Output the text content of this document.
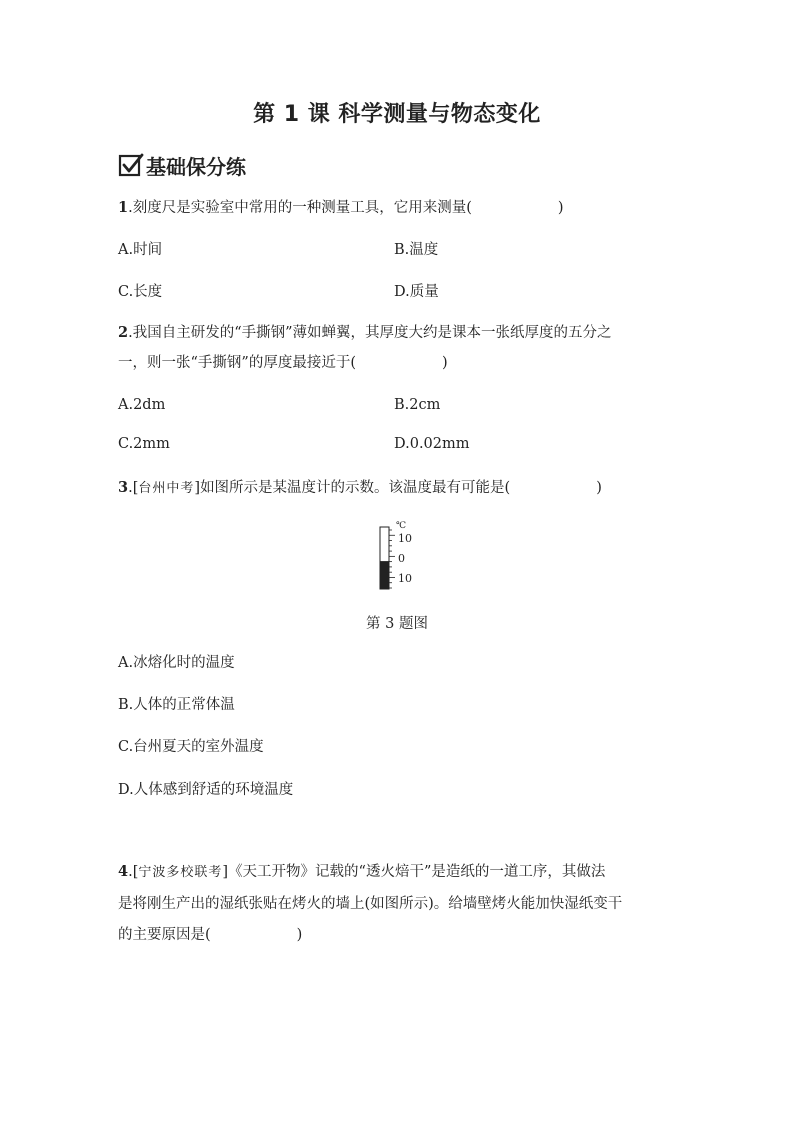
第 1 课 科学测量与物态变化
基础保分练
1.刻度尺是实验室中常用的一种测量工具，它用来测量(	)
A.时间	B.温度
C.长度	D.质量
2.我国自主研发的“手撕钢”薄如蝉翼，其厚度大约是课本一张纸厚度的五分之
一，则一张“手撕钢”的厚度最接近于(	)
A.2dm	B.2cm
C.2mm	D.0.02mm
3.[台州中考]如图所示是某温度计的示数。该温度最有可能是(	)
℃
10
0
10
第 3 题图
A.冰熔化时的温度
B.人体的正常体温
C.台州夏天的室外温度
D.人体感到舒适的环境温度
4.[宁波多校联考]《天工开物》记载的“透火焙干”是造纸的一道工序，其做法
是将刚生产出的湿纸张贴在烤火的墙上(如图所示)。给墙壁烤火能加快湿纸变干
的主要原因是(	)
